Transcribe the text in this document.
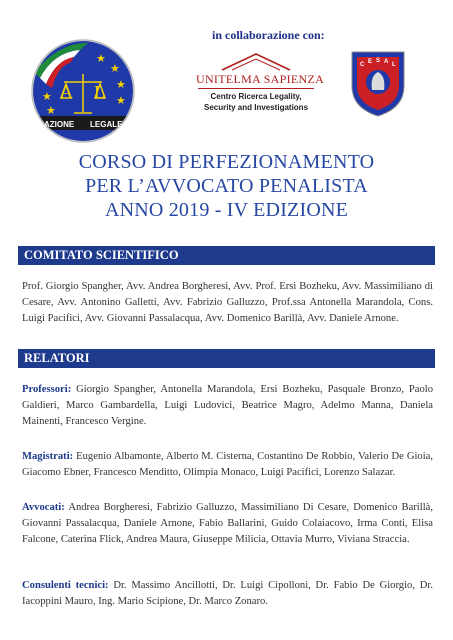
in collaborazione con:
★
★
★
★
★
★
A L
AZIONE LEGALE
UNITELMA SAPIENZA
Centro Ricerca Legality,
Security and Investigations
C E S A L
CORSO DI PERFEZIONAMENTO
PER L’AVVOCATO PENALISTA
ANNO 2019 - IV EDIZIONE
COMITATO SCIENTIFICO

Prof. Giorgio Spangher, Avv. Andrea Borgheresi, Avv. Prof. Ersi Bozheku, Avv. Massimiliano di Cesare, Avv. Antonino Galletti, Avv. Fabrizio Galluzzo, Prof.ssa Antonella Marandola, Cons. Luigi Pacifici, Avv. Giovanni Passalacqua, Avv. Domenico Barillà, Avv. Daniele Arnone.

RELATORI

Professori: Giorgio Spangher, Antonella Marandola, Ersi Bozheku, Pasquale Bronzo, Paolo Galdieri, Marco Gambardella, Luigi Ludovici, Beatrice Magro, Adelmo Manna, Daniela Mainenti, Francesco Vergine.

Magistrati: Eugenio Albamonte, Alberto M. Cisterna, Costantino De Robbio, Valerio De Gioia, Giacomo Ebner, Francesco Menditto, Olimpia Monaco, Luigi Pacifici, Lorenzo Salazar.

Avvocati: Andrea Borgheresi, Fabrizio Galluzzo, Massimiliano Di Cesare, Domenico Barillà, Giovanni Passalacqua, Daniele Arnone, Fabio Ballarini, Guido Colaiacovo, Irma Conti, Elisa Falcone, Caterina Flick, Andrea Maura, Giuseppe Milicia, Ottavia Murro, Viviana Straccia.

Consulenti tecnici: Dr. Massimo Ancillotti, Dr. Luigi Cipolloni, Dr. Fabio De Giorgio, Dr. Iacoppini Mauro, Ing. Mario Scipione, Dr. Marco Zonaro.
